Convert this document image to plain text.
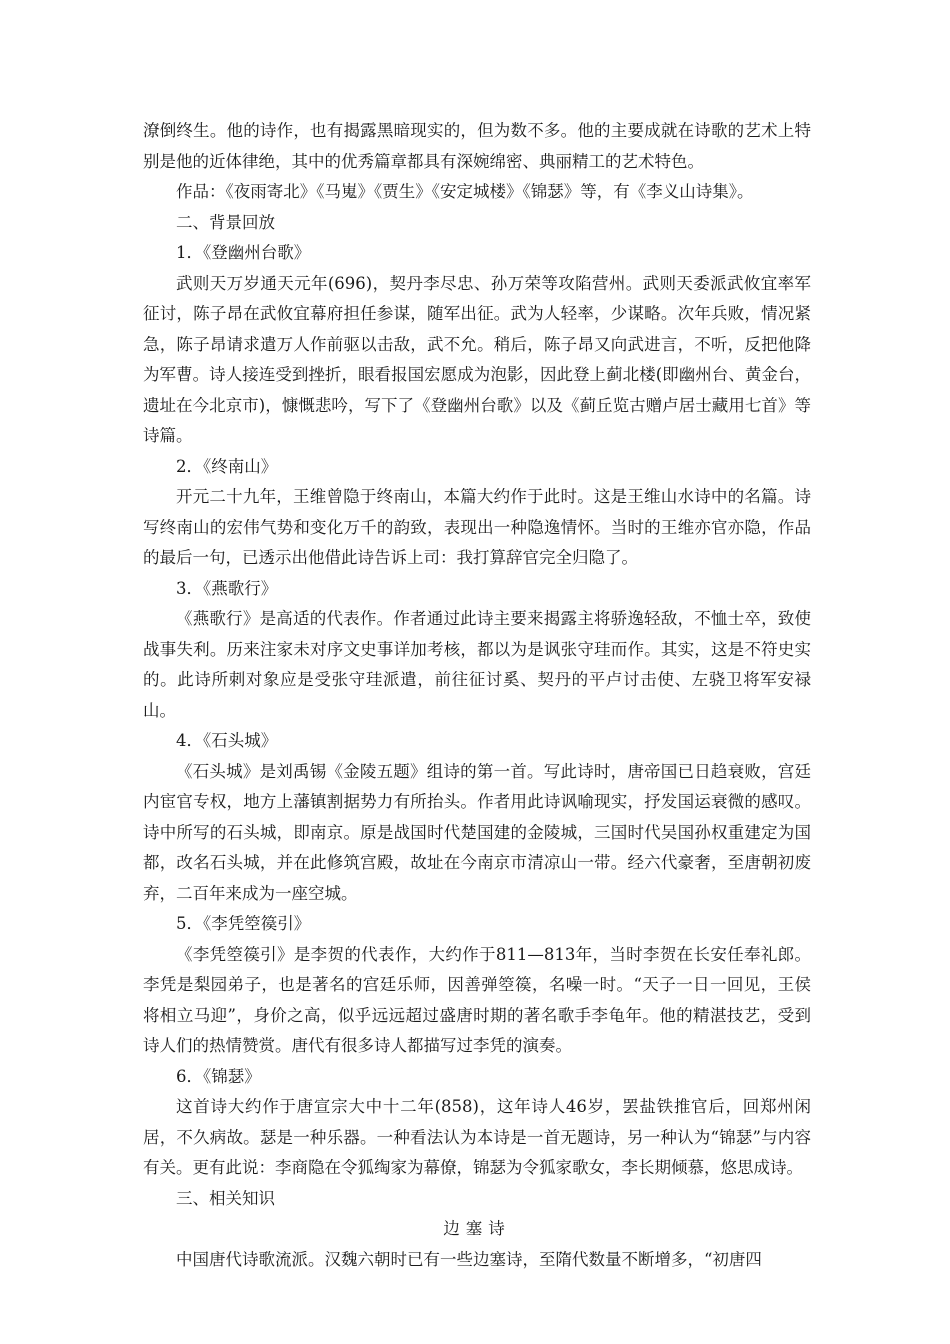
潦倒终生。他的诗作，也有揭露黑暗现实的，但为数不多。他的主要成就在诗歌的艺术上特别是他的近体律绝，其中的优秀篇章都具有深婉绵密、典丽精工的艺术特色。

作品：《夜雨寄北》《马嵬》《贾生》《安定城楼》《锦瑟》等，有《李义山诗集》。

二、背景回放

1．《登幽州台歌》

武则天万岁通天元年(696)，契丹李尽忠、孙万荣等攻陷营州。武则天委派武攸宜率军征讨，陈子昂在武攸宜幕府担任参谋，随军出征。武为人轻率，少谋略。次年兵败，情况紧急，陈子昂请求遣万人作前驱以击敌，武不允。稍后，陈子昂又向武进言，不听，反把他降为军曹。诗人接连受到挫折，眼看报国宏愿成为泡影，因此登上蓟北楼(即幽州台、黄金台，遗址在今北京市)，慷慨悲吟，写下了《登幽州台歌》以及《蓟丘览古赠卢居士藏用七首》等诗篇。

2．《终南山》

开元二十九年，王维曾隐于终南山，本篇大约作于此时。这是王维山水诗中的名篇。诗写终南山的宏伟气势和变化万千的韵致，表现出一种隐逸情怀。当时的王维亦官亦隐，作品的最后一句，已透示出他借此诗告诉上司：我打算辞官完全归隐了。

3．《燕歌行》

《燕歌行》是高适的代表作。作者通过此诗主要来揭露主将骄逸轻敌，不恤士卒，致使战事失利。历来注家未对序文史事详加考核，都以为是讽张守珪而作。其实，这是不符史实的。此诗所刺对象应是受张守珪派遣，前往征讨奚、契丹的平卢讨击使、左骁卫将军安禄山。

4．《石头城》

《石头城》是刘禹锡《金陵五题》组诗的第一首。写此诗时，唐帝国已日趋衰败，宫廷内宦官专权，地方上藩镇割据势力有所抬头。作者用此诗讽喻现实，抒发国运衰微的感叹。诗中所写的石头城，即南京。原是战国时代楚国建的金陵城，三国时代吴国孙权重建定为国都，改名石头城，并在此修筑宫殿，故址在今南京市清凉山一带。经六代豪奢，至唐朝初废弃，二百年来成为一座空城。

5．《李凭箜篌引》

《李凭箜篌引》是李贺的代表作，大约作于811—813年，当时李贺在长安任奉礼郎。李凭是梨园弟子，也是著名的宫廷乐师，因善弹箜篌，名噪一时。“天子一日一回见，王侯将相立马迎”，身价之高，似乎远远超过盛唐时期的著名歌手李龟年。他的精湛技艺，受到诗人们的热情赞赏。唐代有很多诗人都描写过李凭的演奏。

6．《锦瑟》

这首诗大约作于唐宣宗大中十二年(858)，这年诗人46岁，罢盐铁推官后，回郑州闲居，不久病故。瑟是一种乐器。一种看法认为本诗是一首无题诗，另一种认为“锦瑟”与内容有关。更有此说：李商隐在令狐绹家为幕僚，锦瑟为令狐家歌女，李长期倾慕，悠思成诗。

三、相关知识

边塞诗

中国唐代诗歌流派。汉魏六朝时已有一些边塞诗，至隋代数量不断增多，“初唐四
